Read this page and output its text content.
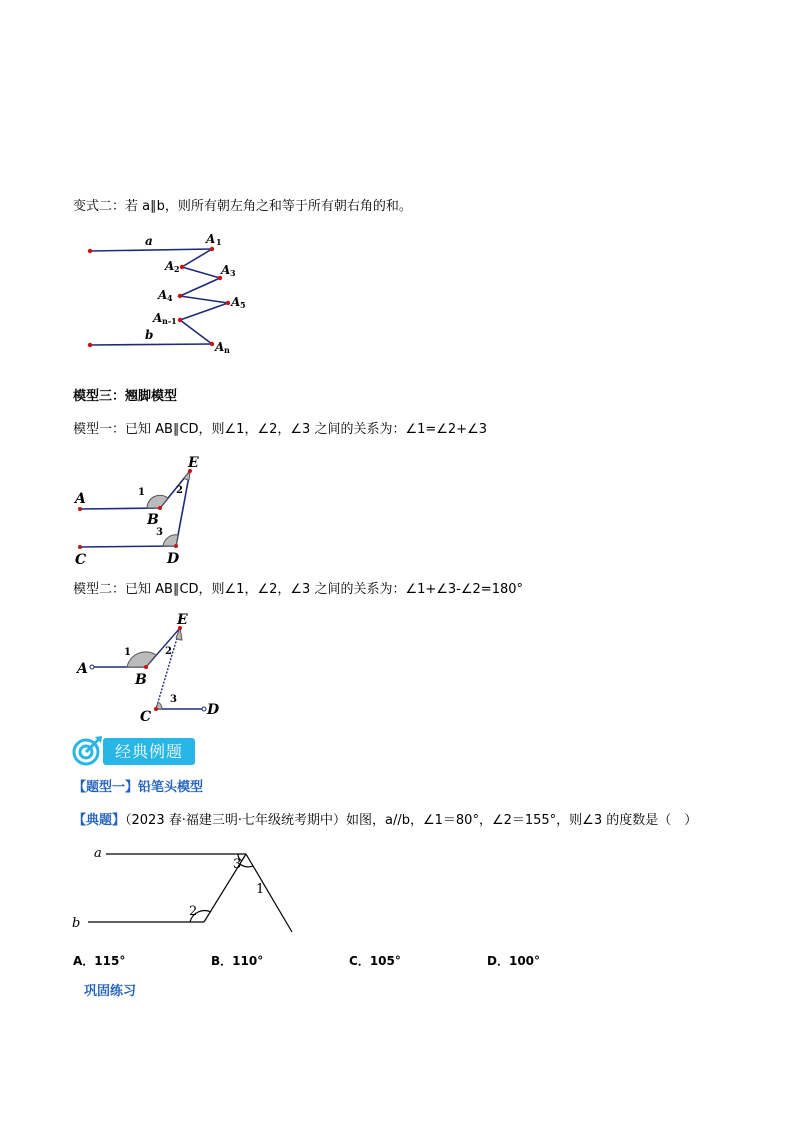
变式二：若 a∥b，则所有朝左角之和等于所有朝右角的和。
a
b
A 1
A 2	A 3
A 4	A 5
A n-1
A n
模型三：翘脚模型
模型一：已知 AB∥CD，则∠1，∠2，∠3 之间的关系为：∠1=∠2+∠3
A
B
C	D
E
1	2
3
模型二：已知 AB∥CD，则∠1，∠2，∠3 之间的关系为：∠1+∠3-∠2=180°
A
B
C	D
E
1	2
3
经典例题
【题型一】铅笔头模型
【典题】（2023 春·福建三明·七年级统考期中）如图，a//b，∠1＝80°，∠2＝155°，则∠3 的度数是（　）
a
b
3
1
2
A．115°	B．110°	C．105°	D．100°
巩固练习
